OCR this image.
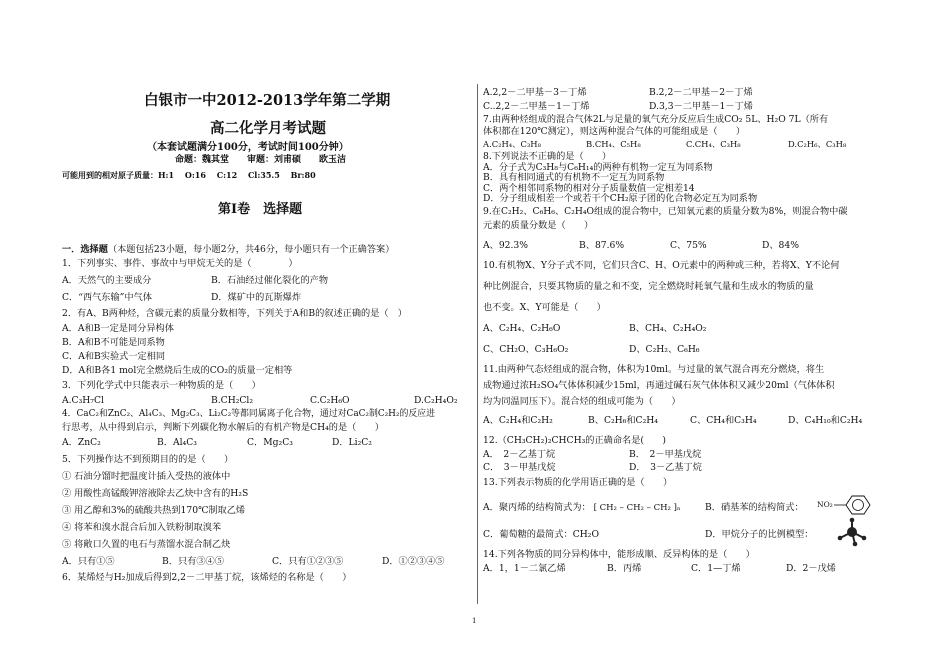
白银市一中2012-2013学年第二学期
高二化学月考试题
（本套试题满分100分，考试时间100分钟）
命题：魏其堂　　审题：刘甫硕　　欧玉洁
可能用到的相对原子质量：H:1　 O:16　 C:12　 Cl:35.5　 Br:80
第Ⅰ卷　选择题
一．选择题（本题包括23小题，每小题2分，共46分，每小题只有一个正确答案）
1．下列事实、事件、事故中与甲烷无关的是（　　　　）
A．天然气的主要成分	B．石油经过催化裂化的产物
C．“西气东输”中气体	D．煤矿中的瓦斯爆炸
2．有A、B两种烃，含碳元素的质量分数相等，下列关于A和B的叙述正确的是（　）
A．A和B一定是同分异构体
B．A和B不可能是同系物
C．A和B实验式一定相同
D．A和B各1 mol完全燃烧后生成的CO₂的质量一定相等
3．下列化学式中只能表示一种物质的是（　　）
A.C₃H₇Cl	B.CH₂Cl₂	C.C₂H₆O	D.C₂H₄O₂
4．CaC₂和ZnC₂、Al₄C₃、Mg₂C₃、Li₂C₂等都同属离子化合物，通过对CaC₂制C₂H₂的反应进
行思考，从中得到启示，判断下列碳化物水解后的有机产物是CH₄的是（　　）
A．ZnC₂	B．Al₄C₃	C．Mg₂C₃	D．Li₂C₂
5．下列操作达不到预期目的的是（　　）
① 石油分馏时把温度计插入受热的液体中
② 用酸性高锰酸钾溶液除去乙炔中含有的H₂S
③ 用乙醇和3%的硫酸共热到170℃制取乙烯
④ 将苯和溴水混合后加入铁粉制取溴苯
⑤ 将敞口久置的电石与蒸馏水混合制乙炔
A．只有①⑤	B．只有③④⑤	C．只有①②③⑤	D．①②③④⑤
6．某烯烃与H₂加成后得到2,2－二甲基丁烷，该烯烃的名称是（　　）
A.2,2－二甲基－3－丁烯	B.2,2－二甲基－2－丁烯
C..2,2－二甲基－1－丁烯	D.3,3－二甲基－1－丁烯
7.由两种烃组成的混合气体2L与足量的氧气充分反应后生成CO₂ 5L、H₂O 7L（所有
体积都在120℃测定），则这两种混合气体的可能组成是（　　）
A.C₂H₄、C₃H₈	B.CH₄、C₅H₈	C.CH₄、C₃H₈	D.C₂H₆、C₃H₈
8.下列说法不正确的是（　　）
A．分子式为C₃H₈与C₆H₁₄的两种有机物一定互为同系物
B．具有相同通式的有机物不一定互为同系物
C．两个相邻同系物的相对分子质量数值一定相差14
D．分子组成相差一个或若干个CH₂原子团的化合物必定互为同系物
9.在C₂H₂、C₆H₆、C₂H₄O组成的混合物中，已知氧元素的质量分数为8%，则混合物中碳
元素的质量分数是（　　）
A、92.3%	B、87.6%	C、75%	D、84%
10.有机物X、Y分子式不同，它们只含C、H、O元素中的两种或三种，若将X、Y不论何
种比例混合，只要其物质的量之和不变，完全燃烧时耗氧气量和生成水的物质的量
也不变。X、Y可能是（　　）
A、C₂H₄、C₂H₆O	B、CH₄、C₂H₄O₂
C、CH₂O、C₃H₆O₂	D、C₂H₂、C₆H₆
11.由两种气态烃组成的混合物，体积为10ml。与过量的氧气混合再充分燃烧，将生
成物通过浓H₂SO₄气体体积减少15ml，再通过碱石灰气体体积又减少20ml（气体体积
均为同温同压下）。混合烃的组成可能为（　　）
A、C₂H₄和C₂H₂	B、C₂H₆和C₂H₄	C、CH₄和C₃H₄	D、C₄H₁₀和C₂H₄
12.（CH₃CH₂)₂CHCH₃的正确命名是(　　)
A．　2－乙基丁烷	B．　2－甲基戊烷
C．　3－甲基戊烷	D．　3－乙基丁烷
13.下列表示物质的化学用语正确的是（　　）
A．聚丙烯的结构简式为： [ CH₂ – CH₂ – CH₂ ]ₙ	B．硝基苯的结构简式： NO₂
C．葡萄糖的最简式：CH₂O	D．甲烷分子的比例模型：
14.下列各物质的同分异构体中，能形成顺、反异构体的是（　　）
A．1，1－二氯乙烯	B．丙烯	C．1—丁烯	D．2－戊烯
1
